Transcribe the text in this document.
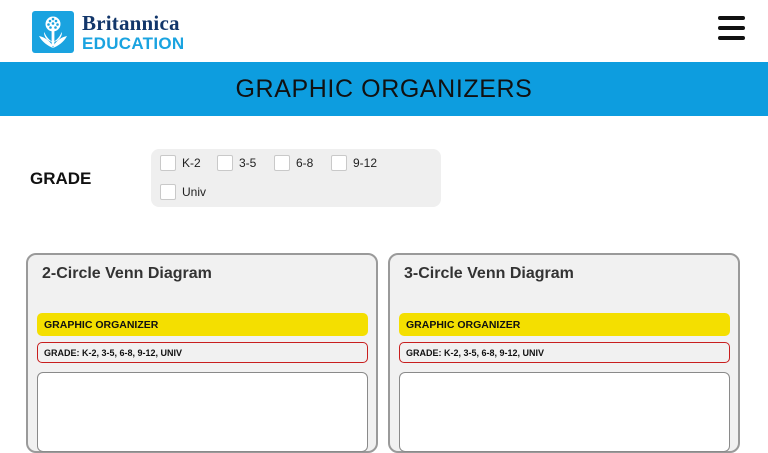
Britannica
EDUCATION
GRAPHIC ORGANIZERS
GRADE
K-2	3-5	6-8	9-12
Univ
2-Circle Venn Diagram
GRAPHIC ORGANIZER
GRADE: K-2, 3-5, 6-8, 9-12, UNIV
3-Circle Venn Diagram
GRAPHIC ORGANIZER
GRADE: K-2, 3-5, 6-8, 9-12, UNIV
